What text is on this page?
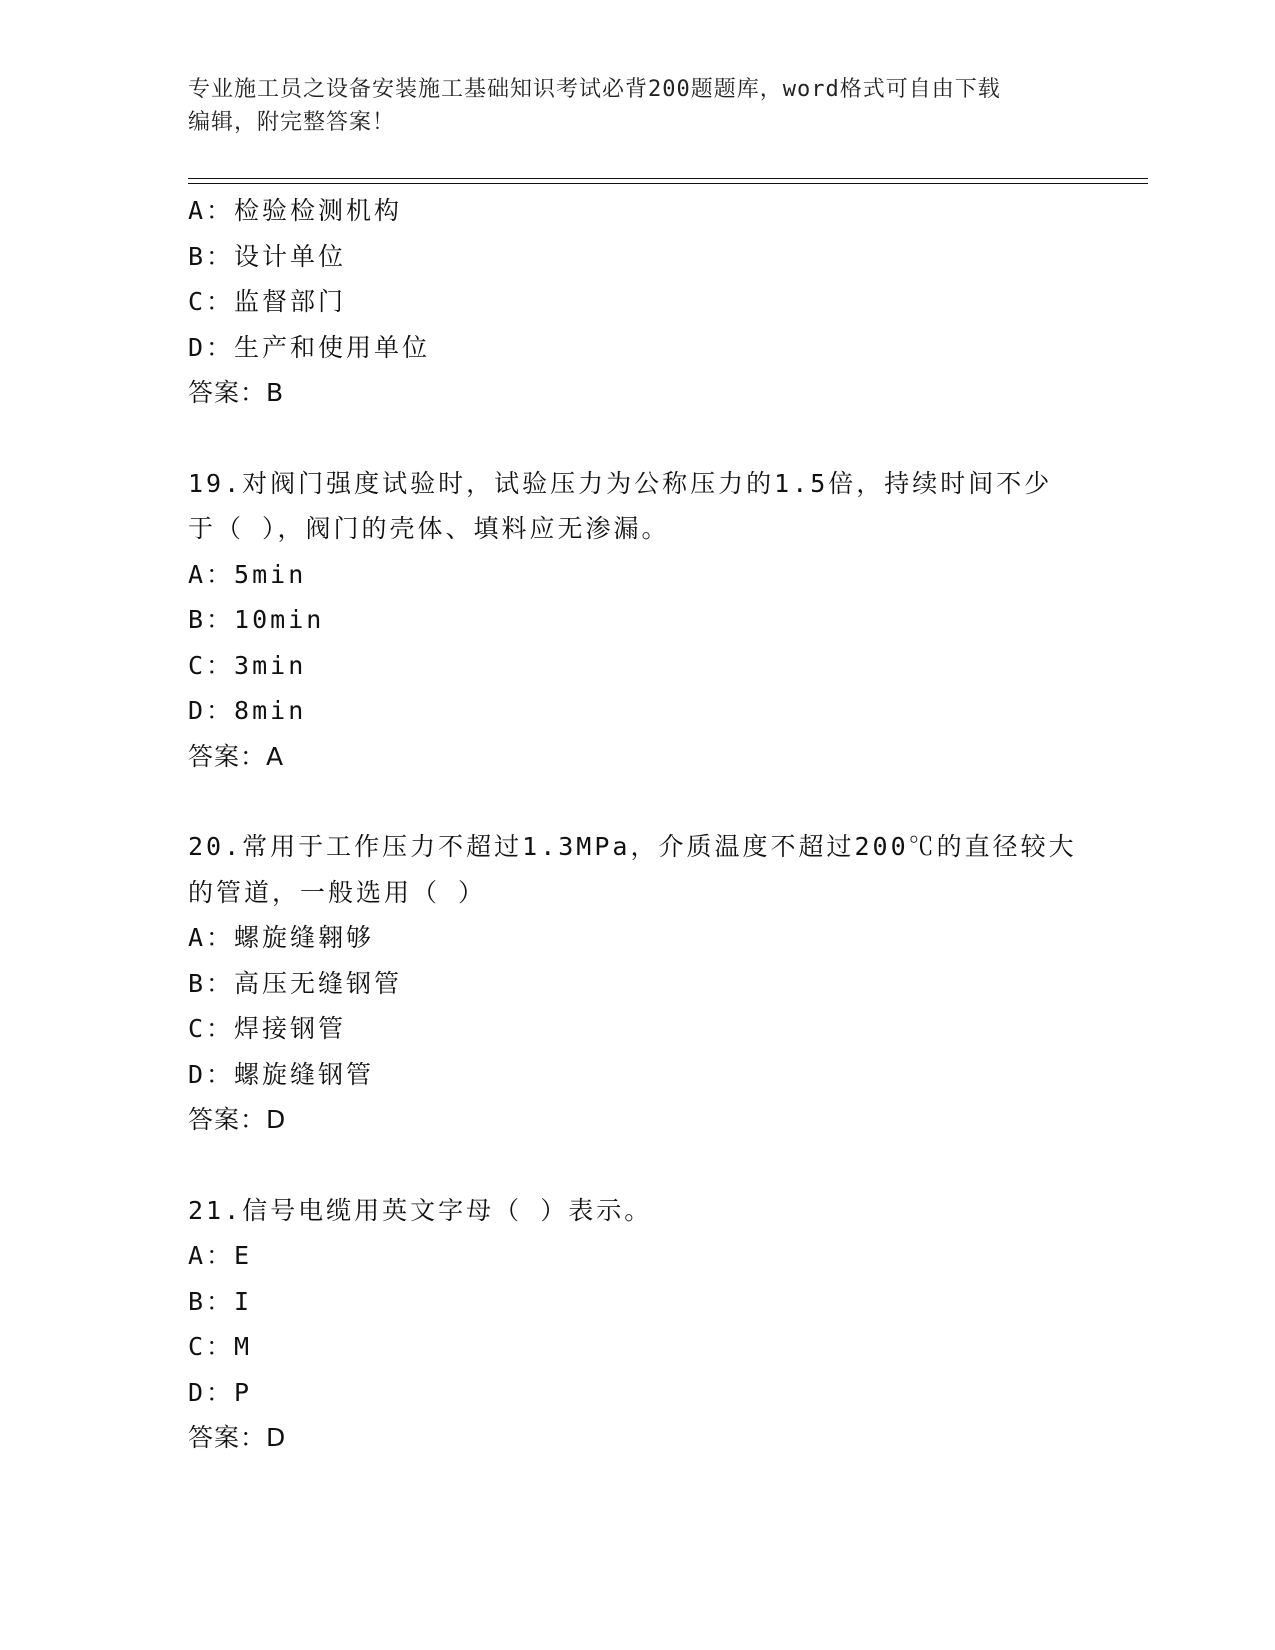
专业施工员之设备安装施工基础知识考试必背200题题库，word格式可自由下载
编辑，附完整答案！
A：检验检测机构
B：设计单位
C：监督部门
D：生产和使用单位
答案：B
19.对阀门强度试验时，试验压力为公称压力的1.5倍，持续时间不少
于（ ），阀门的壳体、填料应无渗漏。
A：5min
B：10min
C：3min
D：8min
答案：A
20.常用于工作压力不超过1.3MPa，介质温度不超过200℃的直径较大
的管道，一般选用（ ）
A：螺旋缝翱够
B：高压无缝钢管
C：焊接钢管
D：螺旋缝钢管
答案：D
21.信号电缆用英文字母（ ）表示。
A：E
B：I
C：M
D：P
答案：D
